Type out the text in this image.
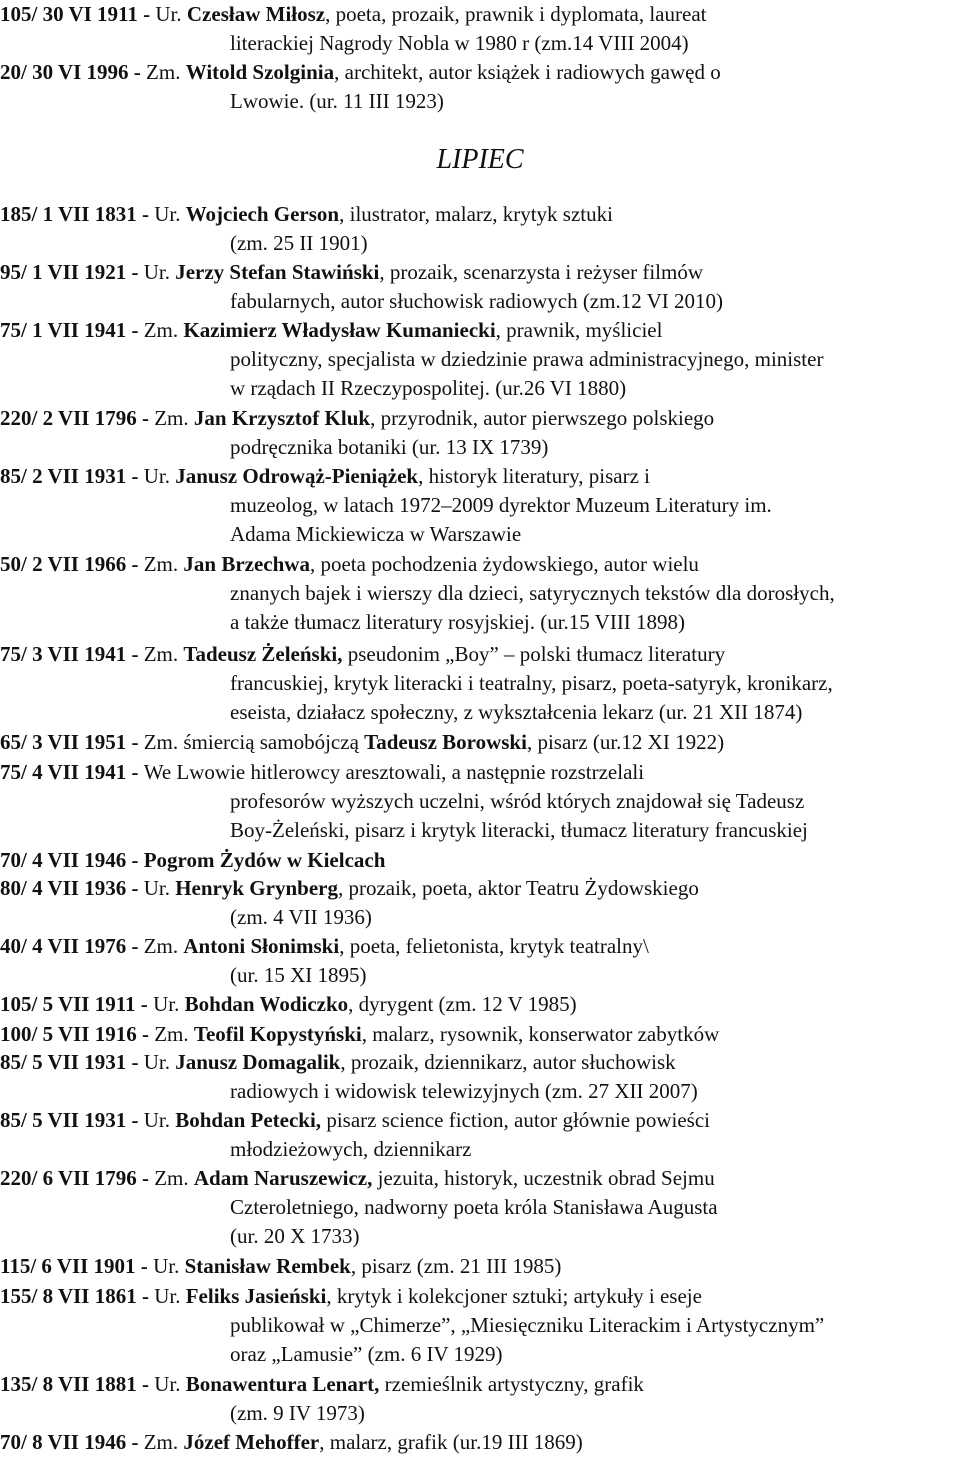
LIPIEC
105/ 30 VI 1911 - Ur. Czesław Miłosz, poeta, prozaik, prawnik i dyplomata, laureat
literackiej Nagrody Nobla w 1980 r (zm.14 VIII 2004)
20/ 30 VI 1996 - Zm. Witold Szolginia, architekt, autor książek i radiowych gawęd o
Lwowie. (ur. 11 III 1923)
185/ 1 VII 1831 - Ur. Wojciech Gerson, ilustrator, malarz, krytyk sztuki
(zm. 25 II 1901)
95/ 1 VII 1921 - Ur. Jerzy Stefan Stawiński, prozaik, scenarzysta i reżyser filmów
fabularnych, autor słuchowisk radiowych (zm.12 VI 2010)
75/ 1 VII 1941 - Zm. Kazimierz Władysław Kumaniecki, prawnik, myśliciel
polityczny, specjalista w dziedzinie prawa administracyjnego, minister
w rządach II Rzeczypospolitej. (ur.26 VI 1880)
220/ 2 VII 1796 - Zm. Jan Krzysztof Kluk, przyrodnik, autor pierwszego polskiego
podręcznika botaniki (ur. 13 IX 1739)
85/ 2 VII 1931 - Ur. Janusz Odrowąż-Pieniążek, historyk literatury, pisarz i
muzeolog, w latach 1972–2009 dyrektor Muzeum Literatury im.
Adama Mickiewicza w Warszawie
50/ 2 VII 1966 - Zm. Jan Brzechwa, poeta pochodzenia żydowskiego, autor wielu
znanych bajek i wierszy dla dzieci, satyrycznych tekstów dla dorosłych,
a także tłumacz literatury rosyjskiej. (ur.15 VIII 1898)
75/ 3 VII 1941 - Zm. Tadeusz Żeleński, pseudonim „Boy” – polski tłumacz literatury
francuskiej, krytyk literacki i teatralny, pisarz, poeta-satyryk, kronikarz,
eseista, działacz społeczny, z wykształcenia lekarz (ur. 21 XII 1874)
65/ 3 VII 1951 - Zm. śmiercią samobójczą Tadeusz Borowski, pisarz (ur.12 XI 1922)
75/ 4 VII 1941 - We Lwowie hitlerowcy aresztowali, a następnie rozstrzelali
profesorów wyższych uczelni, wśród których znajdował się Tadeusz
Boy-Żeleński, pisarz i krytyk literacki, tłumacz literatury francuskiej
70/ 4 VII 1946 - Pogrom Żydów w Kielcach
80/ 4 VII 1936 - Ur. Henryk Grynberg, prozaik, poeta, aktor Teatru Żydowskiego
(zm. 4 VII 1936)
40/ 4 VII 1976 - Zm. Antoni Słonimski, poeta, felietonista, krytyk teatralny\
(ur. 15 XI 1895)
105/ 5 VII 1911 - Ur. Bohdan Wodiczko, dyrygent (zm. 12 V 1985)
100/ 5 VII 1916 - Zm. Teofil Kopystyński, malarz, rysownik, konserwator zabytków
85/ 5 VII 1931 - Ur. Janusz Domagalik, prozaik, dziennikarz, autor słuchowisk
radiowych i widowisk telewizyjnych (zm. 27 XII 2007)
85/ 5 VII 1931 - Ur. Bohdan Petecki, pisarz science fiction, autor głównie powieści
młodzieżowych, dziennikarz
220/ 6 VII 1796 - Zm. Adam Naruszewicz, jezuita, historyk, uczestnik obrad Sejmu
Czteroletniego, nadworny poeta króla Stanisława Augusta
(ur. 20 X 1733)
115/ 6 VII 1901 - Ur. Stanisław Rembek, pisarz (zm. 21 III 1985)
155/ 8 VII 1861 - Ur. Feliks Jasieński, krytyk i kolekcjoner sztuki; artykuły i eseje
publikował w „Chimerze”, „Miesięczniku Literackim i Artystycznym”
oraz „Lamusie” (zm. 6 IV 1929)
135/ 8 VII 1881 - Ur. Bonawentura Lenart, rzemieślnik artystyczny, grafik
(zm. 9 IV 1973)
70/ 8 VII 1946 - Zm. Józef Mehoffer, malarz, grafik (ur.19 III 1869)
